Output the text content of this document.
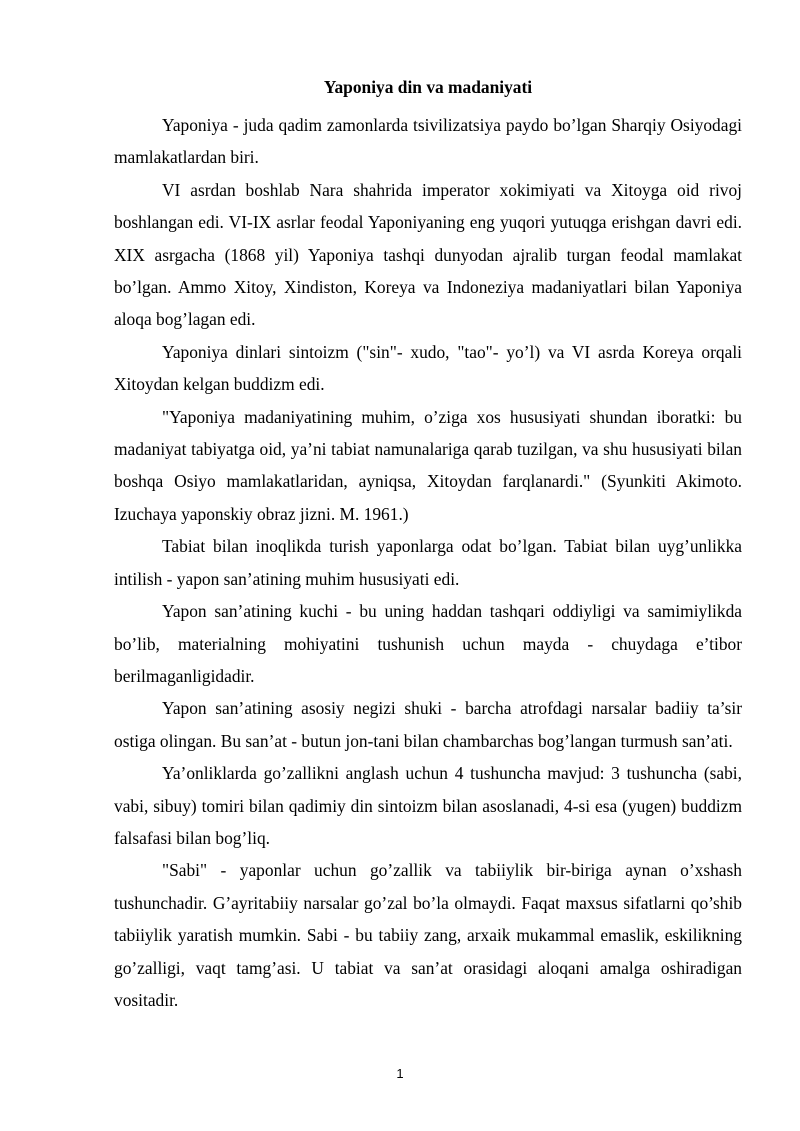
Yaponiya din va madaniyati

Yaponiya - juda qadim zamonlarda tsivilizatsiya paydo bo’lgan Sharqiy Osiyodagi mamlakatlardan biri.

VI asrdan boshlab Nara shahrida imperator xokimiyati va Xitoyga oid rivoj boshlangan edi. VI-IX asrlar feodal Yaponiyaning eng yuqori yutuqga erishgan davri edi. XIX asrgacha (1868 yil) Yaponiya tashqi dunyodan ajralib turgan feodal mamlakat bo’lgan. Ammo Xitoy, Xindiston, Koreya va Indoneziya madaniyatlari bilan Yaponiya aloqa bog’lagan edi.

Yaponiya dinlari sintoizm ("sin"- xudo, "tao"- yo’l) va VI asrda Koreya orqali Xitoydan kelgan buddizm edi.

"Yaponiya madaniyatining muhim, o’ziga xos hususiyati shundan iboratki: bu madaniyat tabiyatga oid, ya’ni tabiat namunalariga qarab tuzilgan, va shu hususiyati bilan boshqa Osiyo mamlakatlaridan, ayniqsa, Xitoydan farqlanardi." (Syunkiti Akimoto. Izuchaya yaponskiy obraz jizni. M. 1961.)

Tabiat bilan inoqlikda turish yaponlarga odat bo’lgan. Tabiat bilan uyg’unlikka intilish - yapon san’atining muhim hususiyati edi.

Yapon san’atining kuchi - bu uning haddan tashqari oddiyligi va samimiylikda bo’lib, materialning mohiyatini tushunish uchun mayda - chuydaga e’tibor berilmaganligidadir.

Yapon san’atining asosiy negizi shuki - barcha atrofdagi narsalar badiiy ta’sir ostiga olingan. Bu san’at - butun jon-tani bilan chambarchas bog’langan turmush san’ati.

Ya’onliklarda go’zallikni anglash uchun 4 tushuncha mavjud: 3 tushuncha (sabi, vabi, sibuy) tomiri bilan qadimiy din sintoizm bilan asoslanadi, 4-si esa (yugen) buddizm falsafasi bilan bog’liq.

"Sabi" - yaponlar uchun go’zallik va tabiiylik bir-biriga aynan o’xshash tushunchadir. G’ayritabiiy narsalar go’zal bo’la olmaydi. Faqat maxsus sifatlarni qo’shib tabiiylik yaratish mumkin. Sabi - bu tabiiy zang, arxaik mukammal emaslik, eskilikning go’zalligi, vaqt tamg’asi. U tabiat va san’at orasidagi aloqani amalga oshiradigan vositadir.

1
